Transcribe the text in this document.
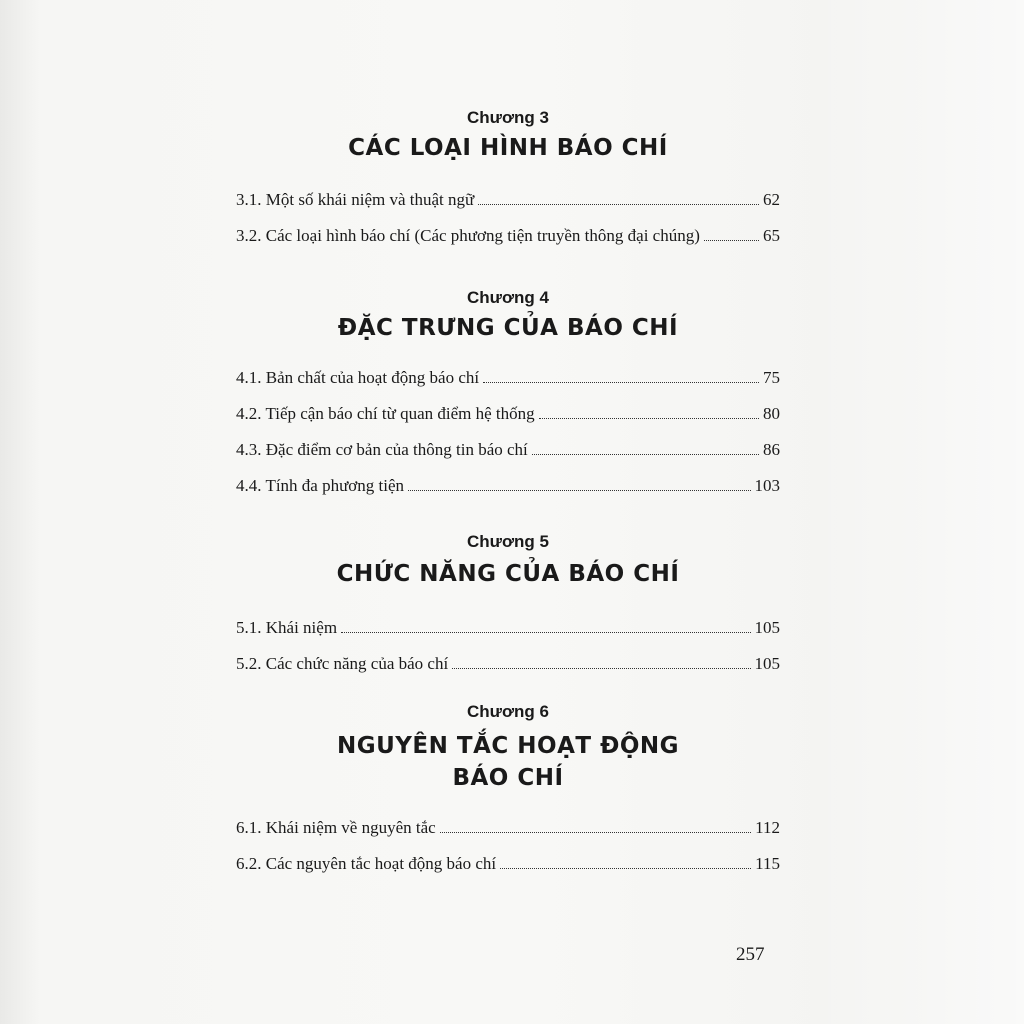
Chương 3
CÁC LOẠI HÌNH BÁO CHÍ
3.1. Một số khái niệm và thuật ngữ	62
3.2. Các loại hình báo chí (Các phương tiện truyền thông đại chúng)	65
Chương 4
ĐẶC TRƯNG CỦA BÁO CHÍ
4.1. Bản chất của hoạt động báo chí	75
4.2. Tiếp cận báo chí từ quan điểm hệ thống	80
4.3. Đặc điểm cơ bản của thông tin báo chí	86
4.4. Tính đa phương tiện	103
Chương 5
CHỨC NĂNG CỦA BÁO CHÍ
5.1. Khái niệm	105
5.2. Các chức năng của báo chí	105
Chương 6
NGUYÊN TẮC HOẠT ĐỘNG
BÁO CHÍ
6.1. Khái niệm về nguyên tắc	112
6.2. Các nguyên tắc hoạt động báo chí	115
257
